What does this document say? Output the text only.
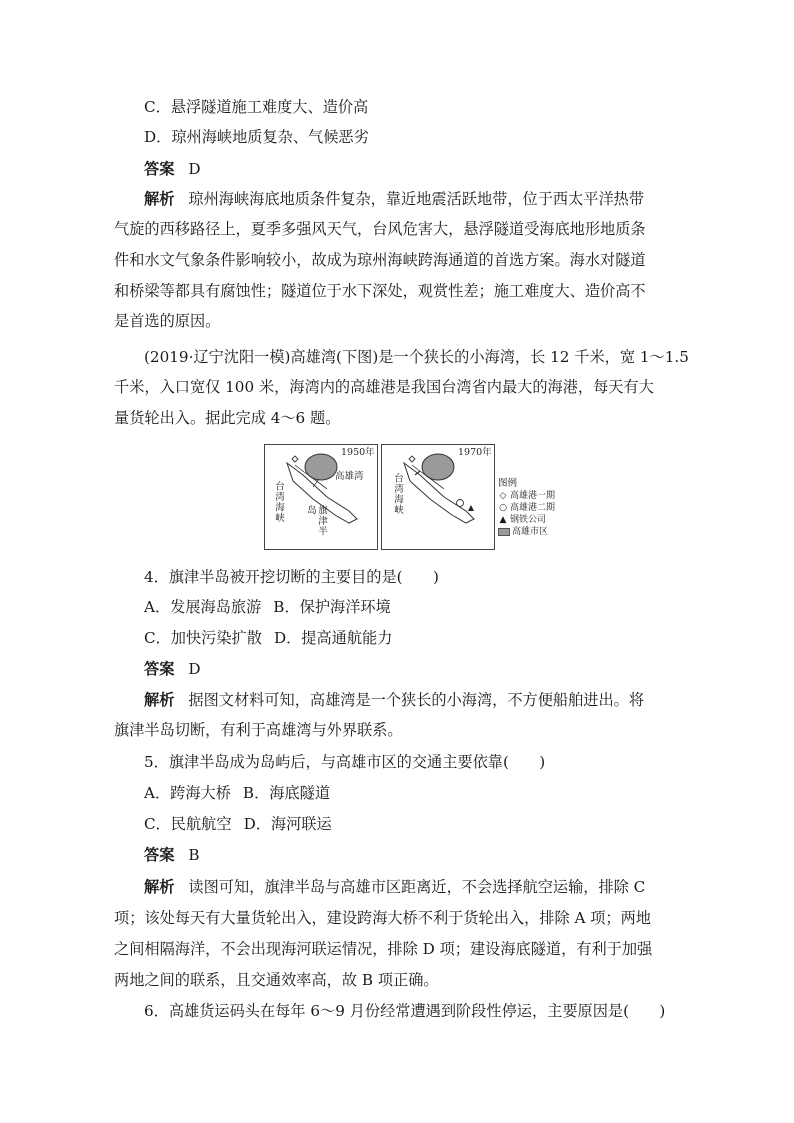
C．悬浮隧道施工难度大、造价高
D．琼州海峡地质复杂、气候恶劣
答案 D
解析 琼州海峡海底地质条件复杂，靠近地震活跃地带，位于西太平洋热带
气旋的西移路径上，夏季多强风天气，台风危害大，悬浮隧道受海底地形地质条
件和水文气象条件影响较小，故成为琼州海峡跨海通道的首选方案。海水对隧道
和桥梁等都具有腐蚀性；隧道位于水下深处，观赏性差；施工难度大、造价高不
是首选的原因。
(2019·辽宁沈阳一模)高雄湾(下图)是一个狭长的小海湾，长 12 千米，宽 1～1.5
千米，入口宽仅 100 米，海湾内的高雄港是我国台湾省内最大的海港，每天有大
量货轮出入。据此完成 4～6 题。
1950年
高雄湾
台湾海峡	旗津半岛
1970年
台湾海峡	图例
◇ 高雄港一期
○ 高雄港二期
▲ 钢铁公司
高雄市区
4．旗津半岛被开挖切断的主要目的是(　　)
A．发展海岛旅游 B．保护海洋环境
C．加快污染扩散 D．提高通航能力
答案 D
解析 据图文材料可知，高雄湾是一个狭长的小海湾，不方便船舶进出。将
旗津半岛切断，有利于高雄湾与外界联系。
5．旗津半岛成为岛屿后，与高雄市区的交通主要依靠(　　)
A．跨海大桥 B．海底隧道
C．民航航空 D．海河联运
答案 B
解析 读图可知，旗津半岛与高雄市区距离近，不会选择航空运输，排除 C
项；该处每天有大量货轮出入，建设跨海大桥不利于货轮出入，排除 A 项；两地
之间相隔海洋，不会出现海河联运情况，排除 D 项；建设海底隧道，有利于加强
两地之间的联系，且交通效率高，故 B 项正确。
6．高雄货运码头在每年 6～9 月份经常遭遇到阶段性停运，主要原因是(　　)
